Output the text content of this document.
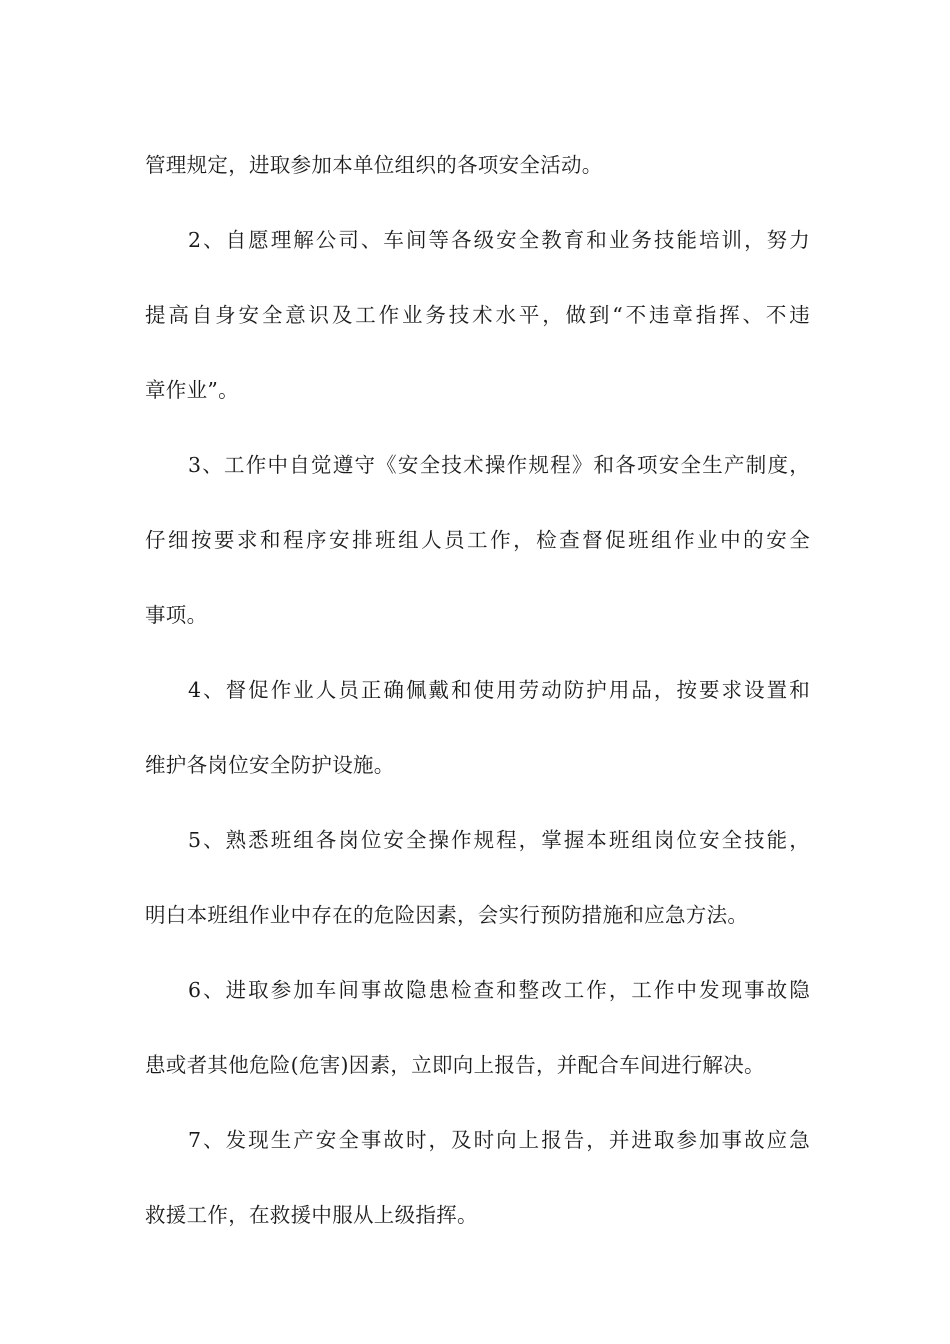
管理规定，进取参加本单位组织的各项安全活动。
2、自愿理解公司、车间等各级安全教育和业务技能培训，努力
提高自身安全意识及工作业务技术水平，做到“不违章指挥、不违
章作业”。
3、工作中自觉遵守《安全技术操作规程》和各项安全生产制度，
仔细按要求和程序安排班组人员工作，检查督促班组作业中的安全
事项。
4、督促作业人员正确佩戴和使用劳动防护用品，按要求设置和
维护各岗位安全防护设施。
5、熟悉班组各岗位安全操作规程，掌握本班组岗位安全技能，
明白本班组作业中存在的危险因素，会实行预防措施和应急方法。
6、进取参加车间事故隐患检查和整改工作，工作中发现事故隐
患或者其他危险(危害)因素，立即向上报告，并配合车间进行解决。
7、发现生产安全事故时，及时向上报告，并进取参加事故应急
救援工作，在救援中服从上级指挥。
